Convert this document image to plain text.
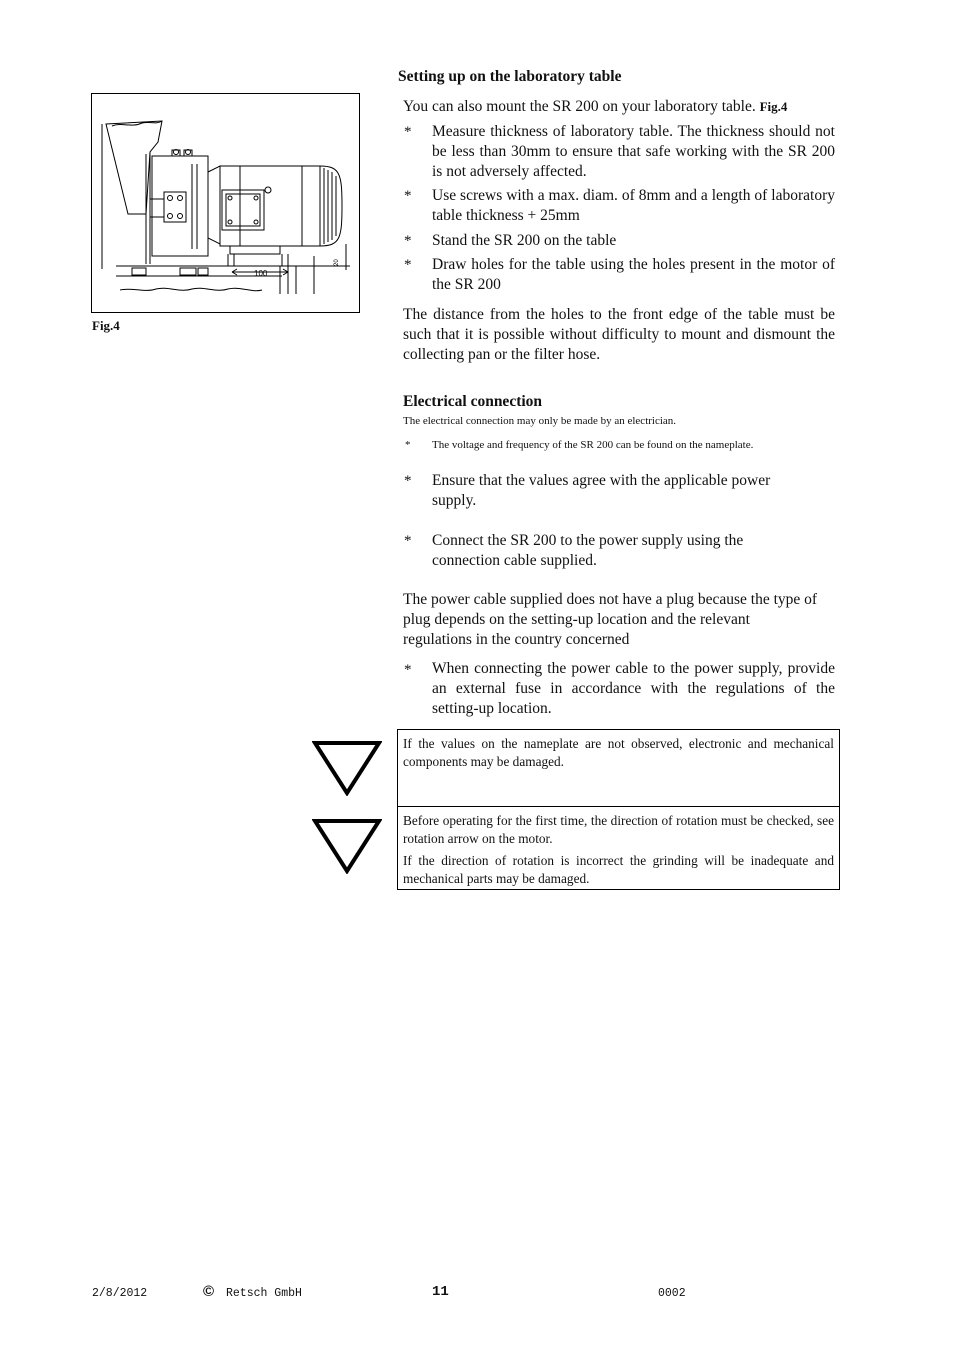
100
20
Fig.4
Setting up on the laboratory table
You can also mount the SR 200 on your laboratory table. Fig.4
* Measure thickness of laboratory table. The thickness should not be less than 30mm to ensure that safe working with the SR 200 is not adversely affected.
* Use screws with a max. diam. of 8mm and a length of laboratory table thickness + 25mm
* Stand the SR 200 on the table
* Draw holes for the table using the holes present in the motor of the SR 200
The distance from the holes to the front edge of the table must be such that it is possible without difficulty to mount and dismount the collecting pan or the filter hose.
Electrical connection
The electrical connection may only be made by an electrician.
* The voltage and frequency of the SR 200 can be found on the nameplate.
* Ensure that the values agree with the applicable power supply.
* Connect the SR 200 to the power supply using the connection cable supplied.
The power cable supplied does not have a plug because the type of plug depends on the setting-up location and the relevant regulations in the country concerned
* When connecting the power cable to the power supply, provide an external fuse in accordance with the regulations of the setting-up location.
If the values on the nameplate are not observed, electronic and mechanical components may be damaged.
Before operating for the first time, the direction of rotation must be checked, see rotation arrow on the motor.
If the direction of rotation is incorrect the grinding will be inadequate and mechanical parts may be damaged.
2/8/2012	© Retsch GmbH	11	0002
